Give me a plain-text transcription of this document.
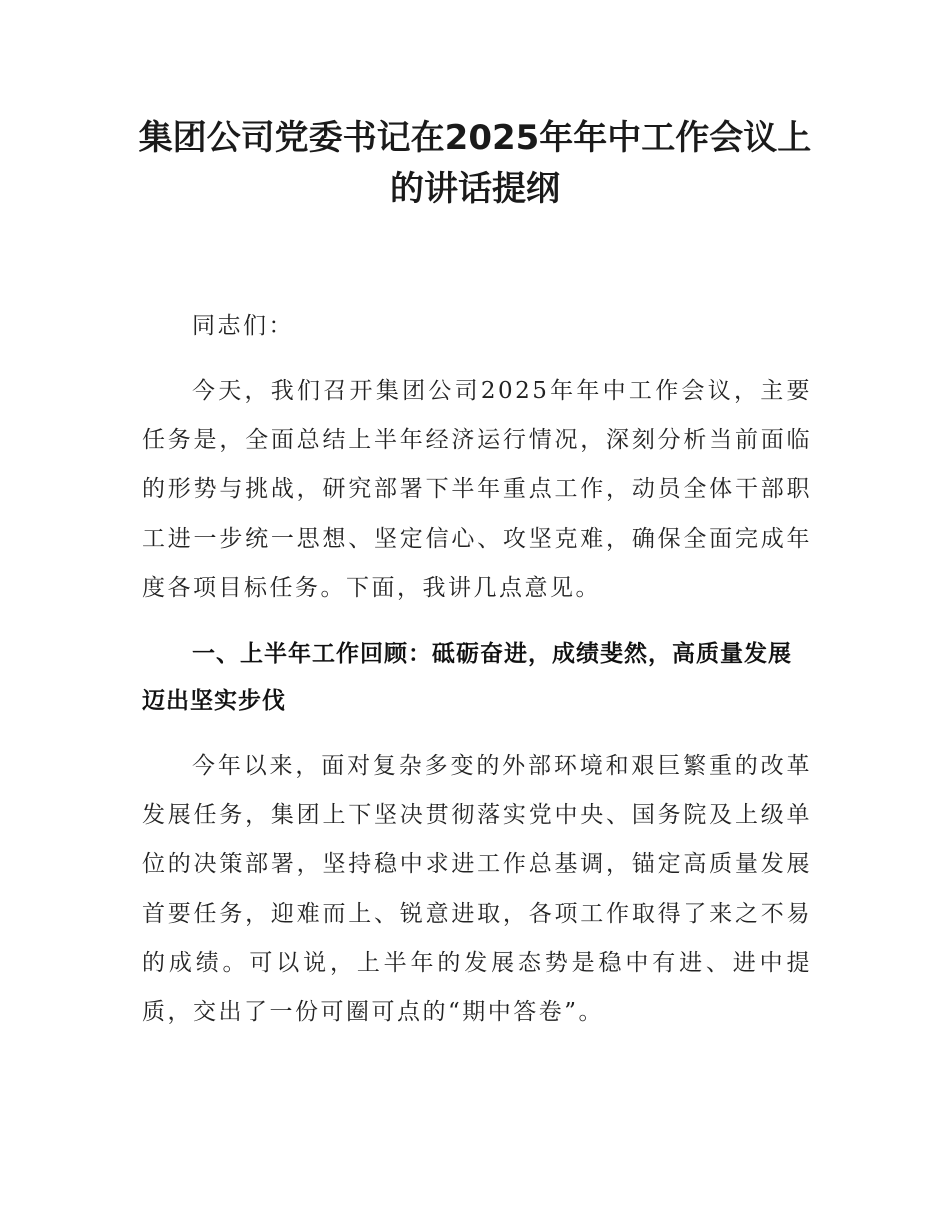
集团公司党委书记在2025年年中工作会议上
的讲话提纲
同志们：

今天，我们召开集团公司2025年年中工作会议，主要任务是，全面总结上半年经济运行情况，深刻分析当前面临的形势与挑战，研究部署下半年重点工作，动员全体干部职工进一步统一思想、坚定信心、攻坚克难，确保全面完成年度各项目标任务。下面，我讲几点意见。

一、上半年工作回顾：砥砺奋进，成绩斐然，高质量发展迈出坚实步伐

今年以来，面对复杂多变的外部环境和艰巨繁重的改革发展任务，集团上下坚决贯彻落实党中央、国务院及上级单位的决策部署，坚持稳中求进工作总基调，锚定高质量发展首要任务，迎难而上、锐意进取，各项工作取得了来之不易的成绩。可以说，上半年的发展态势是稳中有进、进中提质，交出了一份可圈可点的“期中答卷”。
